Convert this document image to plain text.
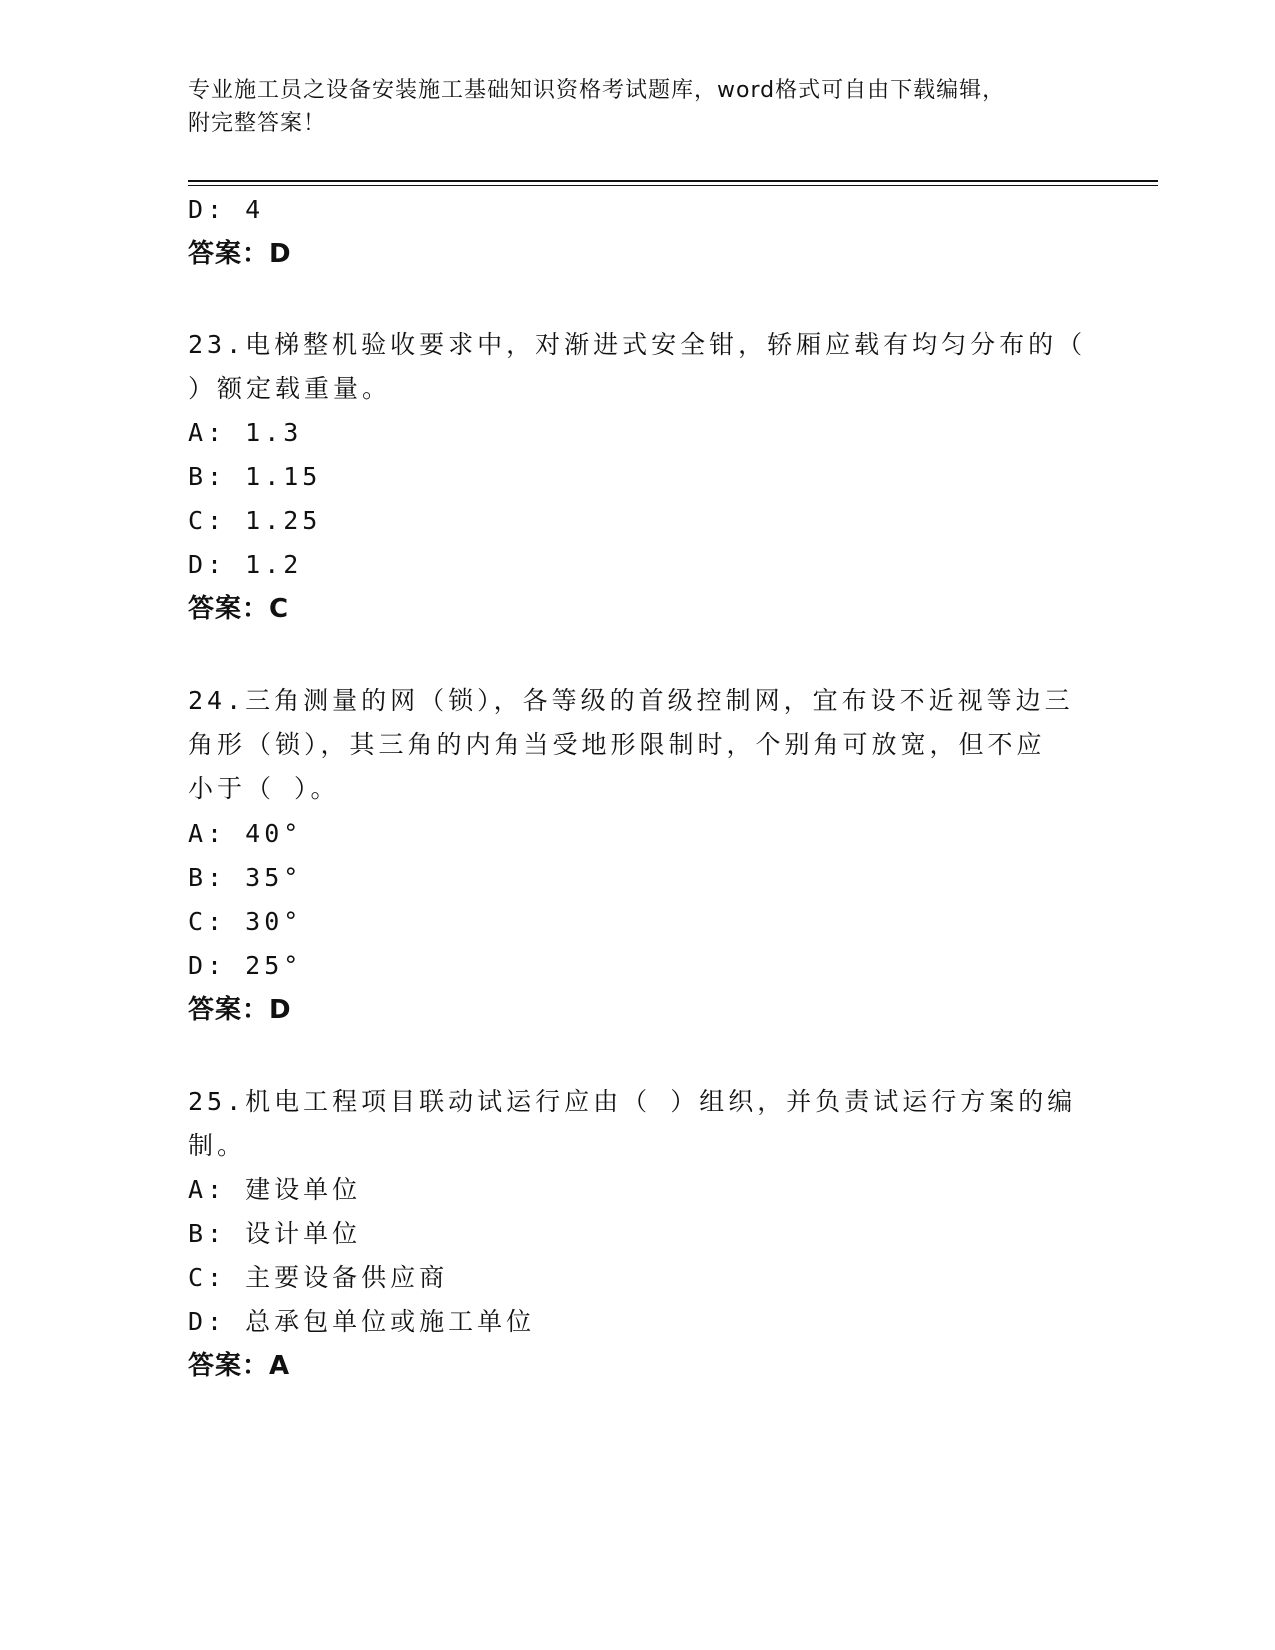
专业施工员之设备安装施工基础知识资格考试题库，word格式可自由下载编辑，
附完整答案！
D: 4
答案：D
23.电梯整机验收要求中，对渐进式安全钳，轿厢应载有均匀分布的（
）额定载重量。
A: 1.3
B: 1.15
C: 1.25
D: 1.2
答案：C
24.三角测量的网（锁），各等级的首级控制网，宜布设不近视等边三
角形（锁），其三角的内角当受地形限制时，个别角可放宽，但不应
小于（ ）。
A: 40°
B: 35°
C: 30°
D: 25°
答案：D
25.机电工程项目联动试运行应由（ ）组织，并负责试运行方案的编
制。
A: 建设单位
B: 设计单位
C: 主要设备供应商
D: 总承包单位或施工单位
答案：A
